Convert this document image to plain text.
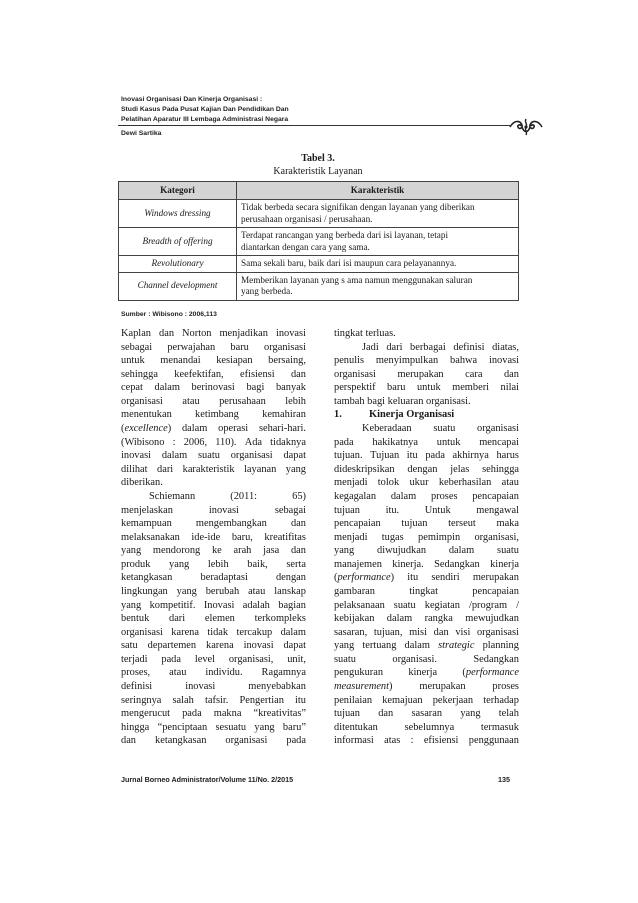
Inovasi Organisasi Dan Kinerja Organisasi :
Studi Kasus Pada Pusat Kajian Dan Pendidikan Dan
Pelatihan Aparatur III Lembaga Administrasi Negara
Dewi Sartika
Tabel 3.
Karakteristik Layanan
Kategori	Karakteristik
Windows dressing	Tidak berbeda secara signifikan dengan layanan yang diberikan
perusahaan organisasi / perusahaan.

Breadth of offering	Terdapat rancangan yang berbeda dari isi layanan, tetapi
diantarkan dengan cara yang sama.

Revolutionary	Sama sekali baru, baik dari isi maupun cara pelayanannya.

Channel development	Memberikan layanan yang s ama namun menggunakan saluran
yang berbeda.
Sumber : Wibisono : 2006,113
Kaplan dan Norton menjadikan inovasi
sebagai perwajahan baru organisasi
untuk menandai kesiapan bersaing,
sehingga keefektifan, efisiensi dan
cepat dalam berinovasi bagi banyak
organisasi atau perusahaan lebih
menentukan ketimbang kemahiran
(excellence) dalam operasi sehari-hari.
(Wibisono : 2006, 110). Ada tidaknya
inovasi dalam suatu organisasi dapat
dilihat dari karakteristik layanan yang
diberikan.
Schiemann	(2011:	65)
menjelaskan	inovasi	sebagai
kemampuan mengembangkan dan
melaksanakan ide-ide baru, kreatifitas
yang mendorong ke arah jasa dan
produk yang lebih baik, serta
ketangkasan	beradaptasi	dengan
lingkungan yang berubah atau lanskap
yang kompetitif. Inovasi adalah bagian
bentuk dari elemen terkompleks
organisasi karena tidak tercakup dalam
satu departemen karena inovasi dapat
terjadi pada level organisasi, unit,
proses, atau individu. Ragamnya
definisi	inovasi	menyebabkan
seringnya salah tafsir. Pengertian itu
mengerucut pada makna “kreativitas”
hingga “penciptaan sesuatu yang baru”
dan ketangkasan organisasi pada
tingkat terluas.
Jadi dari berbagai definisi diatas,
penulis menyimpulkan bahwa inovasi
organisasi merupakan cara dan
perspektif baru untuk memberi nilai
tambah bagi keluaran organisasi.
1.	Kinerja Organisasi
Keberadaan suatu organisasi
pada hakikatnya untuk mencapai
tujuan. Tujuan itu pada akhirnya harus
dideskripsikan dengan jelas sehingga
menjadi tolok ukur keberhasilan atau
kegagalan dalam proses pencapaian
tujuan itu. Untuk mengawal
pencapaian tujuan terseut maka
menjadi tugas pemimpin organisasi,
yang diwujudkan dalam suatu
manajemen kinerja. Sedangkan kinerja
(performance) itu sendiri merupakan
gambaran	tingkat	pencapaian
pelaksanaan suatu kegiatan /program /
kebijakan dalam rangka mewujudkan
sasaran, tujuan, misi dan visi organisasi
yang tertuang dalam strategic planning
suatu	organisasi.	Sedangkan
pengukuran kinerja (performance
measurement)	merupakan	proses
penilaian kemajuan pekerjaan terhadap
tujuan dan sasaran yang telah
ditentukan	sebelumnya	termasuk
informasi atas : efisiensi penggunaan
Jurnal Borneo Administrator/Volume 11/No. 2/2015	135
